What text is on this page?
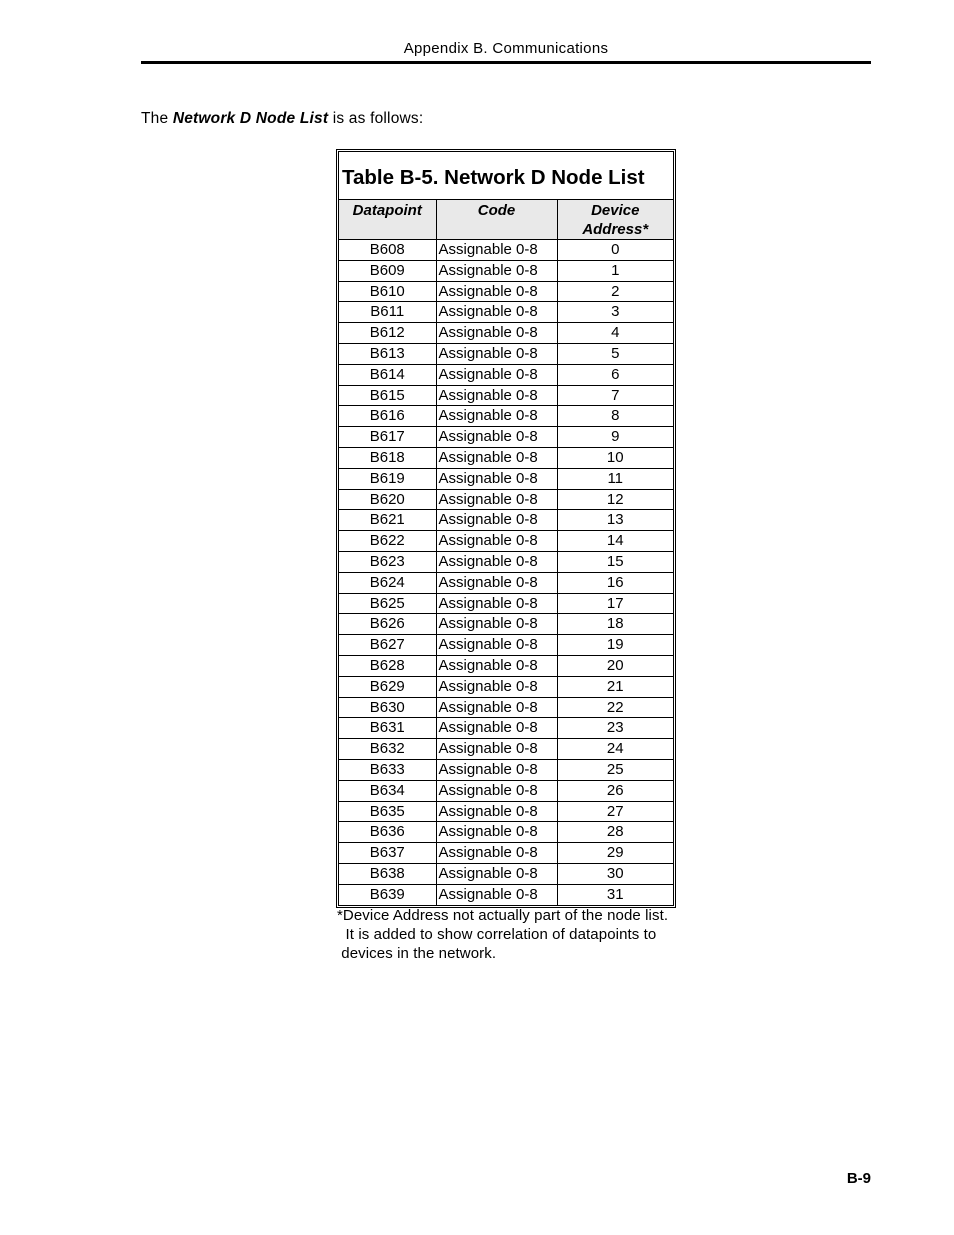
Appendix B. Communications
The Network D Node List is as follows:
Table B-5. Network D Node List
Datapoint	Code	Device
Address*
B608	Assignable 0-8	0
B609	Assignable 0-8	1
B610	Assignable 0-8	2
B611	Assignable 0-8	3
B612	Assignable 0-8	4
B613	Assignable 0-8	5
B614	Assignable 0-8	6
B615	Assignable 0-8	7
B616	Assignable 0-8	8
B617	Assignable 0-8	9
B618	Assignable 0-8	10
B619	Assignable 0-8	11
B620	Assignable 0-8	12
B621	Assignable 0-8	13
B622	Assignable 0-8	14
B623	Assignable 0-8	15
B624	Assignable 0-8	16
B625	Assignable 0-8	17
B626	Assignable 0-8	18
B627	Assignable 0-8	19
B628	Assignable 0-8	20
B629	Assignable 0-8	21
B630	Assignable 0-8	22
B631	Assignable 0-8	23
B632	Assignable 0-8	24
B633	Assignable 0-8	25
B634	Assignable 0-8	26
B635	Assignable 0-8	27
B636	Assignable 0-8	28
B637	Assignable 0-8	29
B638	Assignable 0-8	30
B639	Assignable 0-8	31
*Device Address not actually part of the node list.
It is added to show correlation of datapoints to
devices in the network.
B-9
